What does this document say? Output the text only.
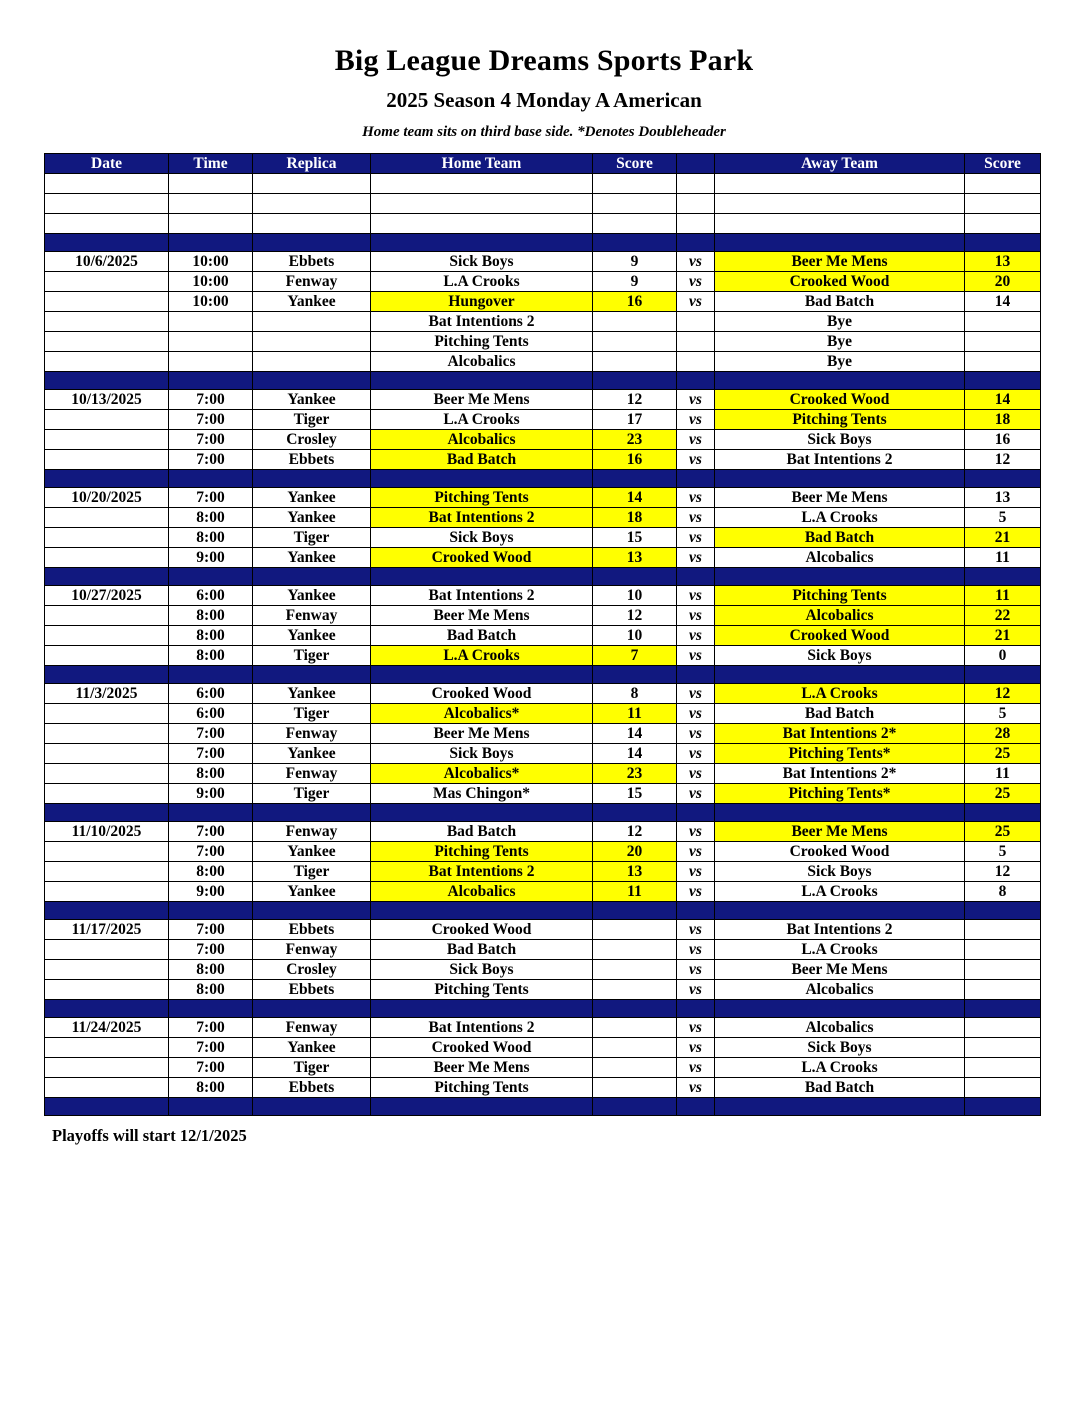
Big League Dreams Sports Park
2025 Season 4 Monday A American
Home team sits on third base side. *Denotes Doubleheader
Date	Time	Replica	Home Team	Score		Away Team	Score

10/6/2025	10:00	Ebbets	Sick Boys	9	vs	Beer Me Mens	13
	10:00	Fenway	L.A Crooks	9	vs	Crooked Wood	20
	10:00	Yankee	Hungover	16	vs	Bad Batch	14
			Bat Intentions 2			Bye	
			Pitching Tents			Bye	
			Alcobalics			Bye	

10/13/2025	7:00	Yankee	Beer Me Mens	12	vs	Crooked Wood	14
	7:00	Tiger	L.A Crooks	17	vs	Pitching Tents	18
	7:00	Crosley	Alcobalics	23	vs	Sick Boys	16
	7:00	Ebbets	Bad Batch	16	vs	Bat Intentions 2	12

10/20/2025	7:00	Yankee	Pitching Tents	14	vs	Beer Me Mens	13
	8:00	Yankee	Bat Intentions 2	18	vs	L.A Crooks	5
	8:00	Tiger	Sick Boys	15	vs	Bad Batch	21
	9:00	Yankee	Crooked Wood	13	vs	Alcobalics	11

10/27/2025	6:00	Yankee	Bat Intentions 2	10	vs	Pitching Tents	11
	8:00	Fenway	Beer Me Mens	12	vs	Alcobalics	22
	8:00	Yankee	Bad Batch	10	vs	Crooked Wood	21
	8:00	Tiger	L.A Crooks	7	vs	Sick Boys	0

11/3/2025	6:00	Yankee	Crooked Wood	8	vs	L.A Crooks	12
	6:00	Tiger	Alcobalics*	11	vs	Bad Batch	5
	7:00	Fenway	Beer Me Mens	14	vs	Bat Intentions 2*	28
	7:00	Yankee	Sick Boys	14	vs	Pitching Tents*	25
	8:00	Fenway	Alcobalics*	23	vs	Bat Intentions 2*	11
	9:00	Tiger	Mas Chingon*	15	vs	Pitching Tents*	25

11/10/2025	7:00	Fenway	Bad Batch	12	vs	Beer Me Mens	25
	7:00	Yankee	Pitching Tents	20	vs	Crooked Wood	5
	8:00	Tiger	Bat Intentions 2	13	vs	Sick Boys	12
	9:00	Yankee	Alcobalics	11	vs	L.A Crooks	8

11/17/2025	7:00	Ebbets	Crooked Wood		vs	Bat Intentions 2	
	7:00	Fenway	Bad Batch		vs	L.A Crooks	
	8:00	Crosley	Sick Boys		vs	Beer Me Mens	
	8:00	Ebbets	Pitching Tents		vs	Alcobalics	

11/24/2025	7:00	Fenway	Bat Intentions 2		vs	Alcobalics	
	7:00	Yankee	Crooked Wood		vs	Sick Boys	
	7:00	Tiger	Beer Me Mens		vs	L.A Crooks	
	8:00	Ebbets	Pitching Tents		vs	Bad Batch	

Playoffs will start 12/1/2025
